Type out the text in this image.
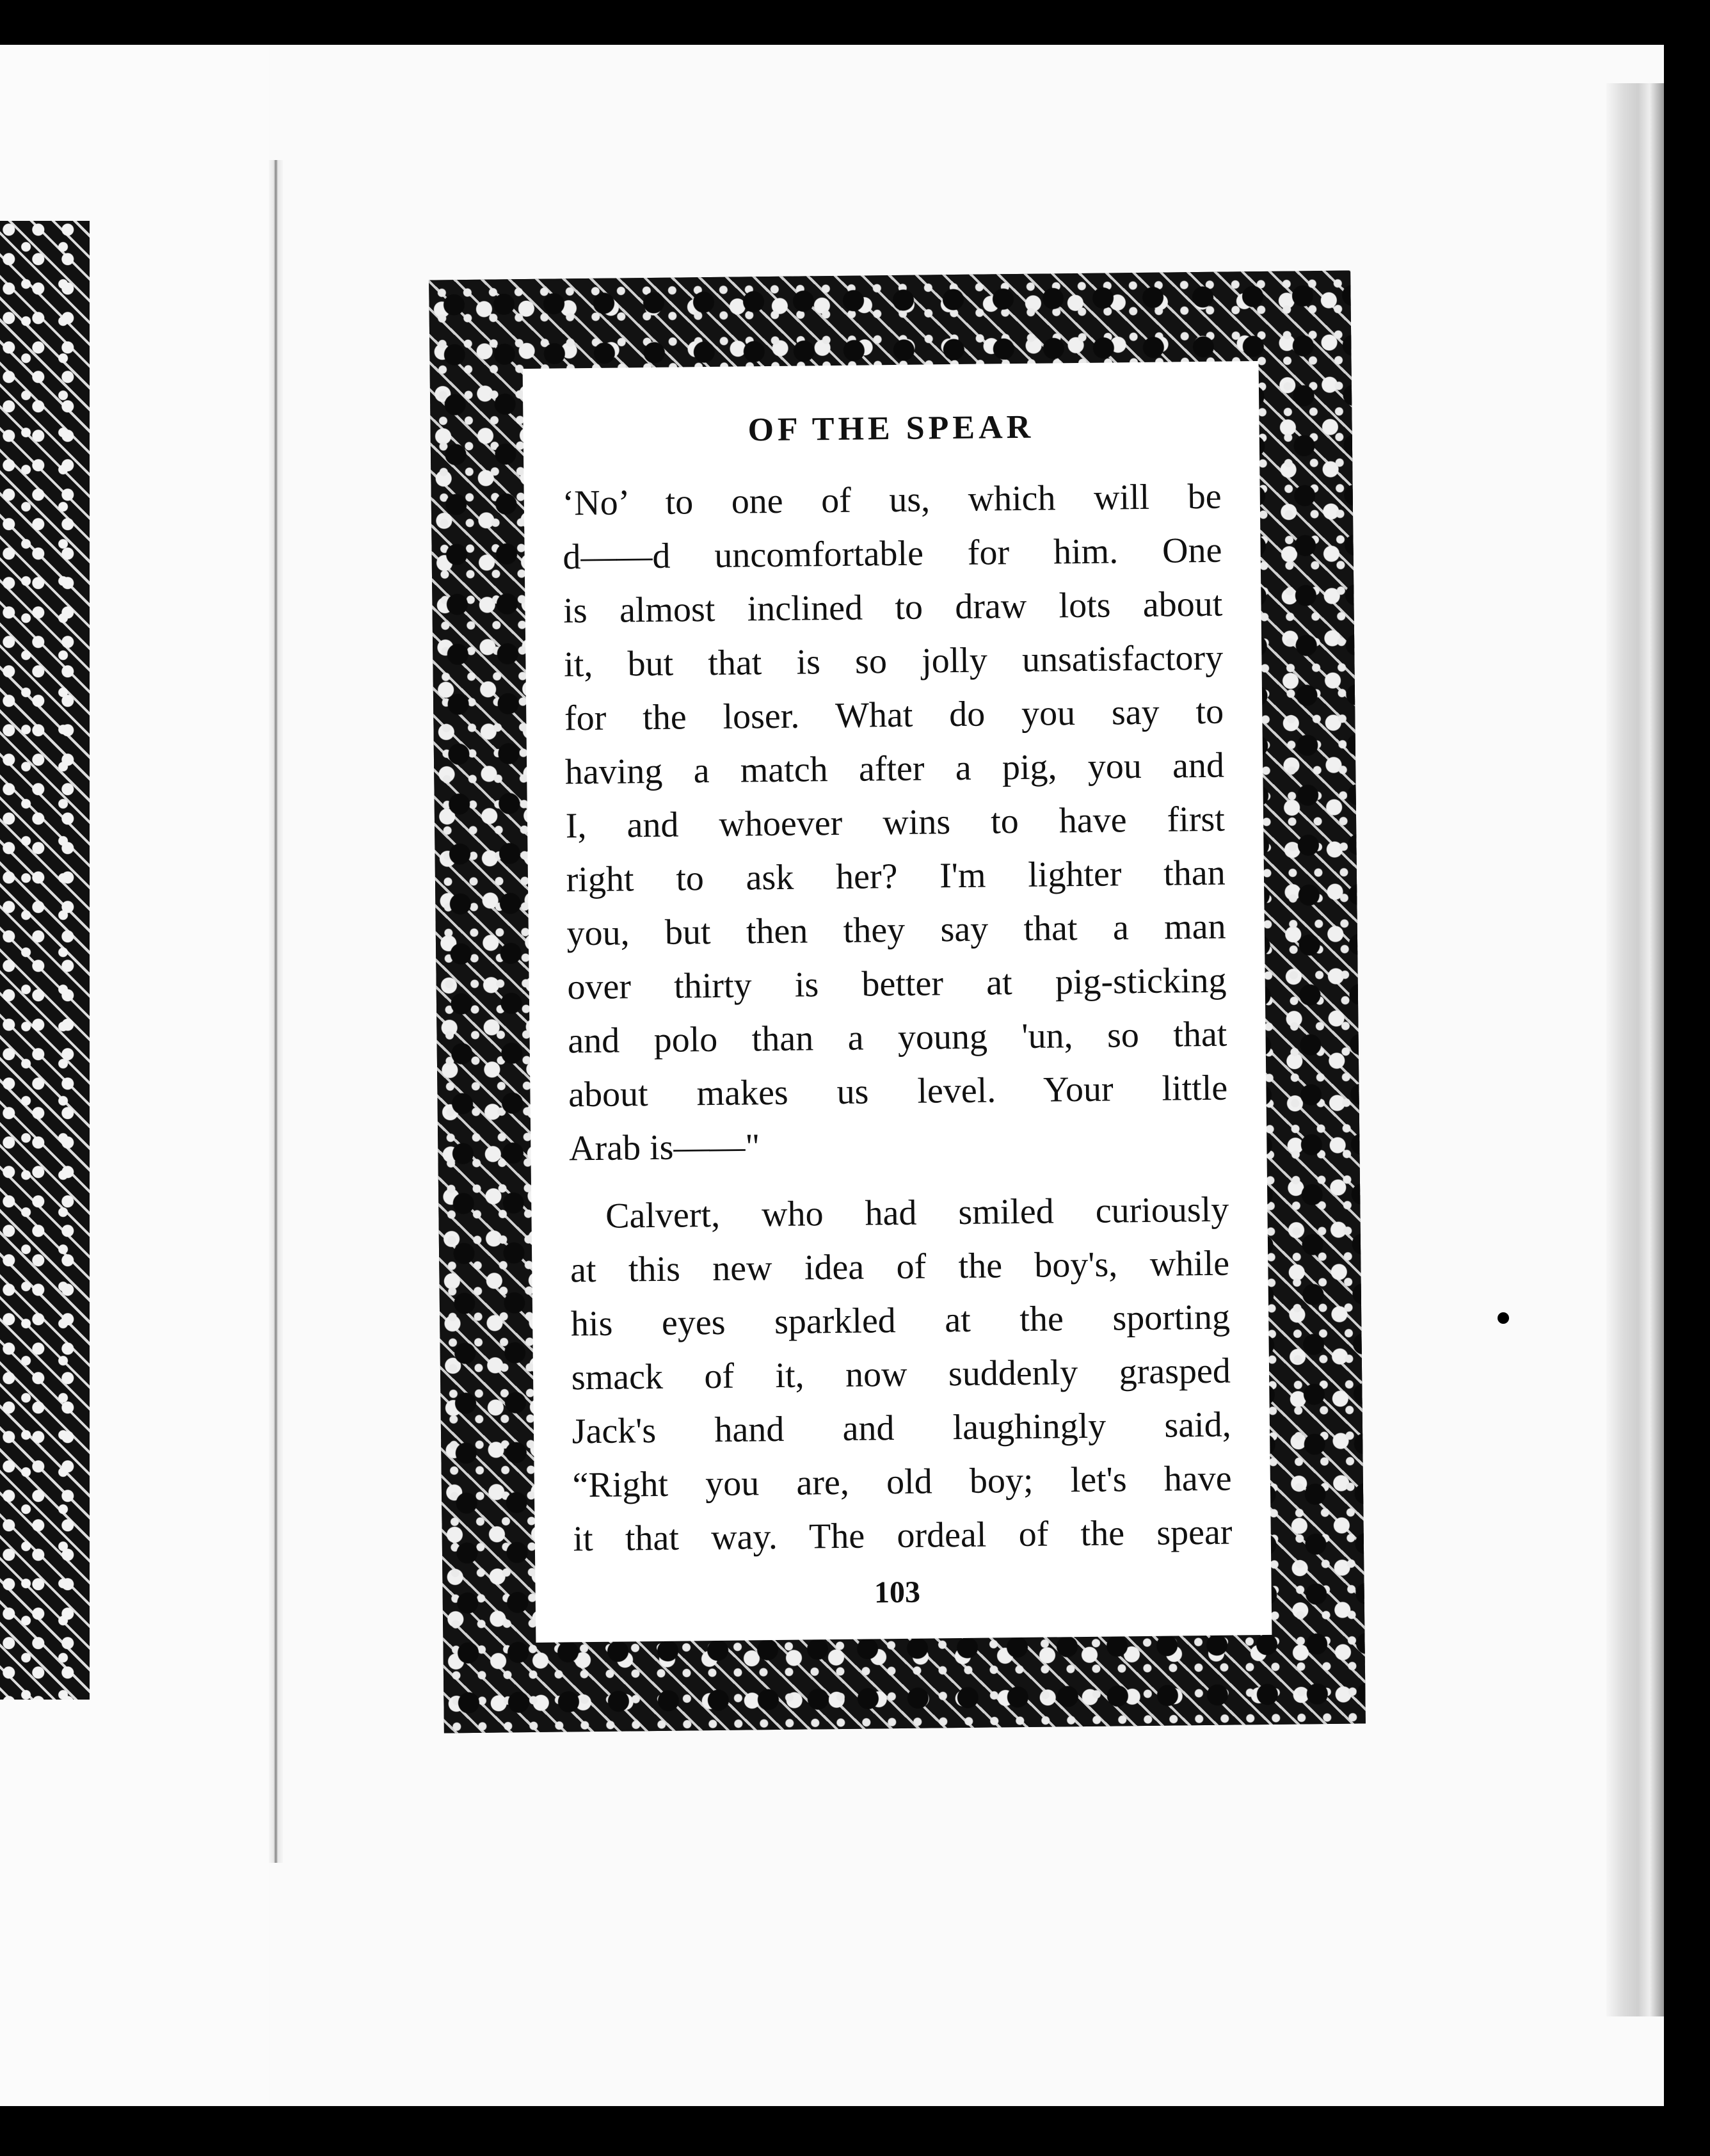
OF THE SPEAR
‘No’ to one of us, which will be
d——d uncomfortable for him. One
is almost inclined to draw lots about
it, but that is so jolly unsatisfactory
for the loser. What do you say to
having a match after a pig, you and
I, and whoever wins to have first
right to ask her? I'm lighter than
you, but then they say that a man
over thirty is better at pig-sticking
and polo than a young 'un, so that
about makes us level. Your little
Arab is——"
Calvert, who had smiled curiously
at this new idea of the boy's, while
his eyes sparkled at the sporting
smack of it, now suddenly grasped
Jack's hand and laughingly said,
“Right you are, old boy; let's have
it that way. The ordeal of the spear
103
